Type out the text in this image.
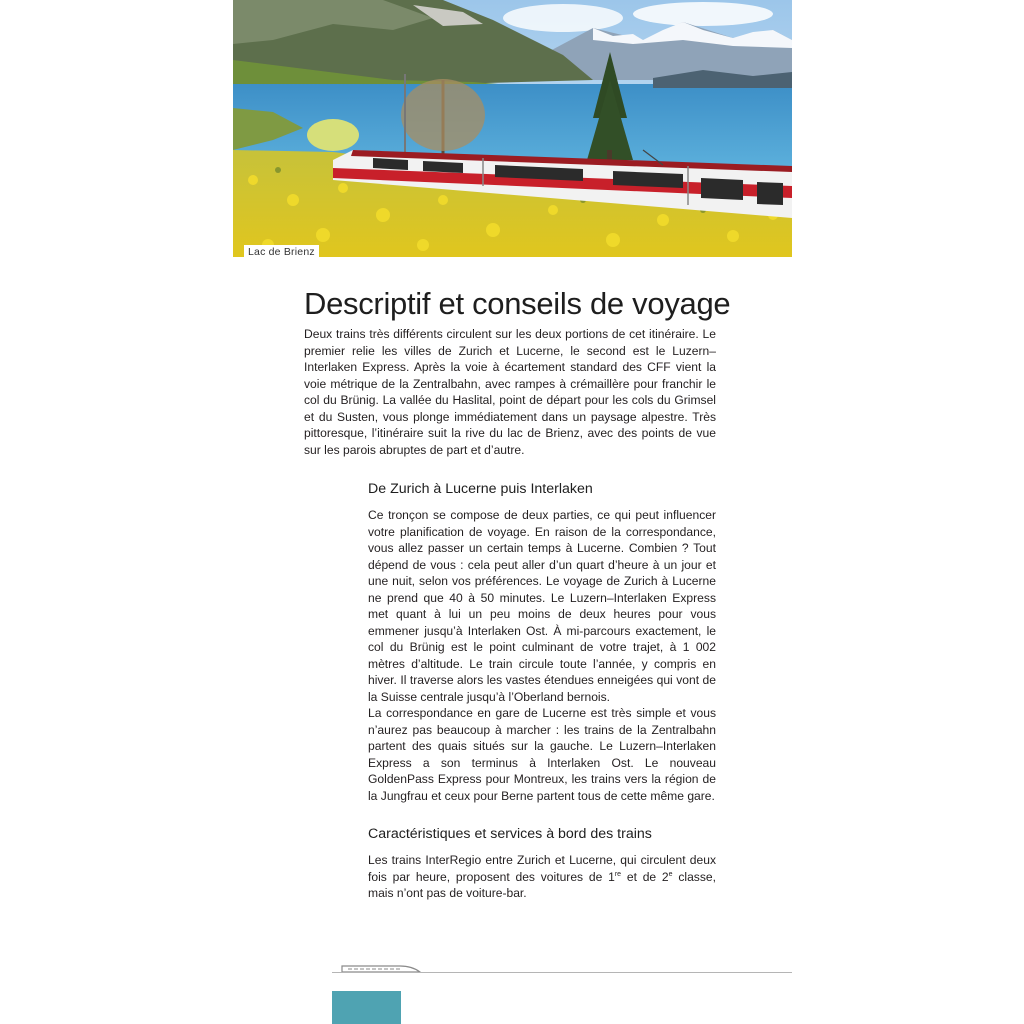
Lac de Brienz
Descriptif et conseils de voyage

Deux trains très différents circulent sur les deux portions de cet itinéraire. Le premier relie les villes de Zurich et Lucerne, le second est le Luzern–Interlaken Express. Après la voie à écartement standard des CFF vient la voie métrique de la Zentralbahn, avec rampes à crémaillère pour franchir le col du Brünig. La vallée du Haslital, point de départ pour les cols du Grimsel et du Susten, vous plonge immédiatement dans un paysage alpestre. Très pittoresque, l’itinéraire suit la rive du lac de Brienz, avec des points de vue sur les parois abruptes de part et d’autre.

De Zurich à Lucerne puis Interlaken

Ce tronçon se compose de deux parties, ce qui peut influencer votre planification de voyage. En raison de la correspondance, vous allez passer un certain temps à Lucerne. Combien ? Tout dépend de vous : cela peut aller d’un quart d’heure à un jour et une nuit, selon vos préférences. Le voyage de Zurich à Lucerne ne prend que 40 à 50 minutes. Le Luzern–Interlaken Express met quant à lui un peu moins de deux heures pour vous emmener jusqu’à Interlaken Ost. À mi-parcours exactement, le col du Brünig est le point culminant de votre trajet, à 1 002 mètres d’altitude. Le train circule toute l’année, y compris en hiver. Il traverse alors les vastes étendues enneigées qui vont de la Suisse centrale jusqu’à l’Oberland bernois.

La correspondance en gare de Lucerne est très simple et vous n’aurez pas beaucoup à marcher : les trains de la Zentralbahn partent des quais situés sur la gauche. Le Luzern–Interlaken Express a son terminus à Interlaken Ost. Le nouveau GoldenPass Express pour Montreux, les trains vers la région de la Jungfrau et ceux pour Berne partent tous de cette même gare.

Caractéristiques et services à bord des trains

Les trains InterRegio entre Zurich et Lucerne, qui circulent deux fois par heure, proposent des voitures de 1re et de 2e classe, mais n’ont pas de voiture-bar.
